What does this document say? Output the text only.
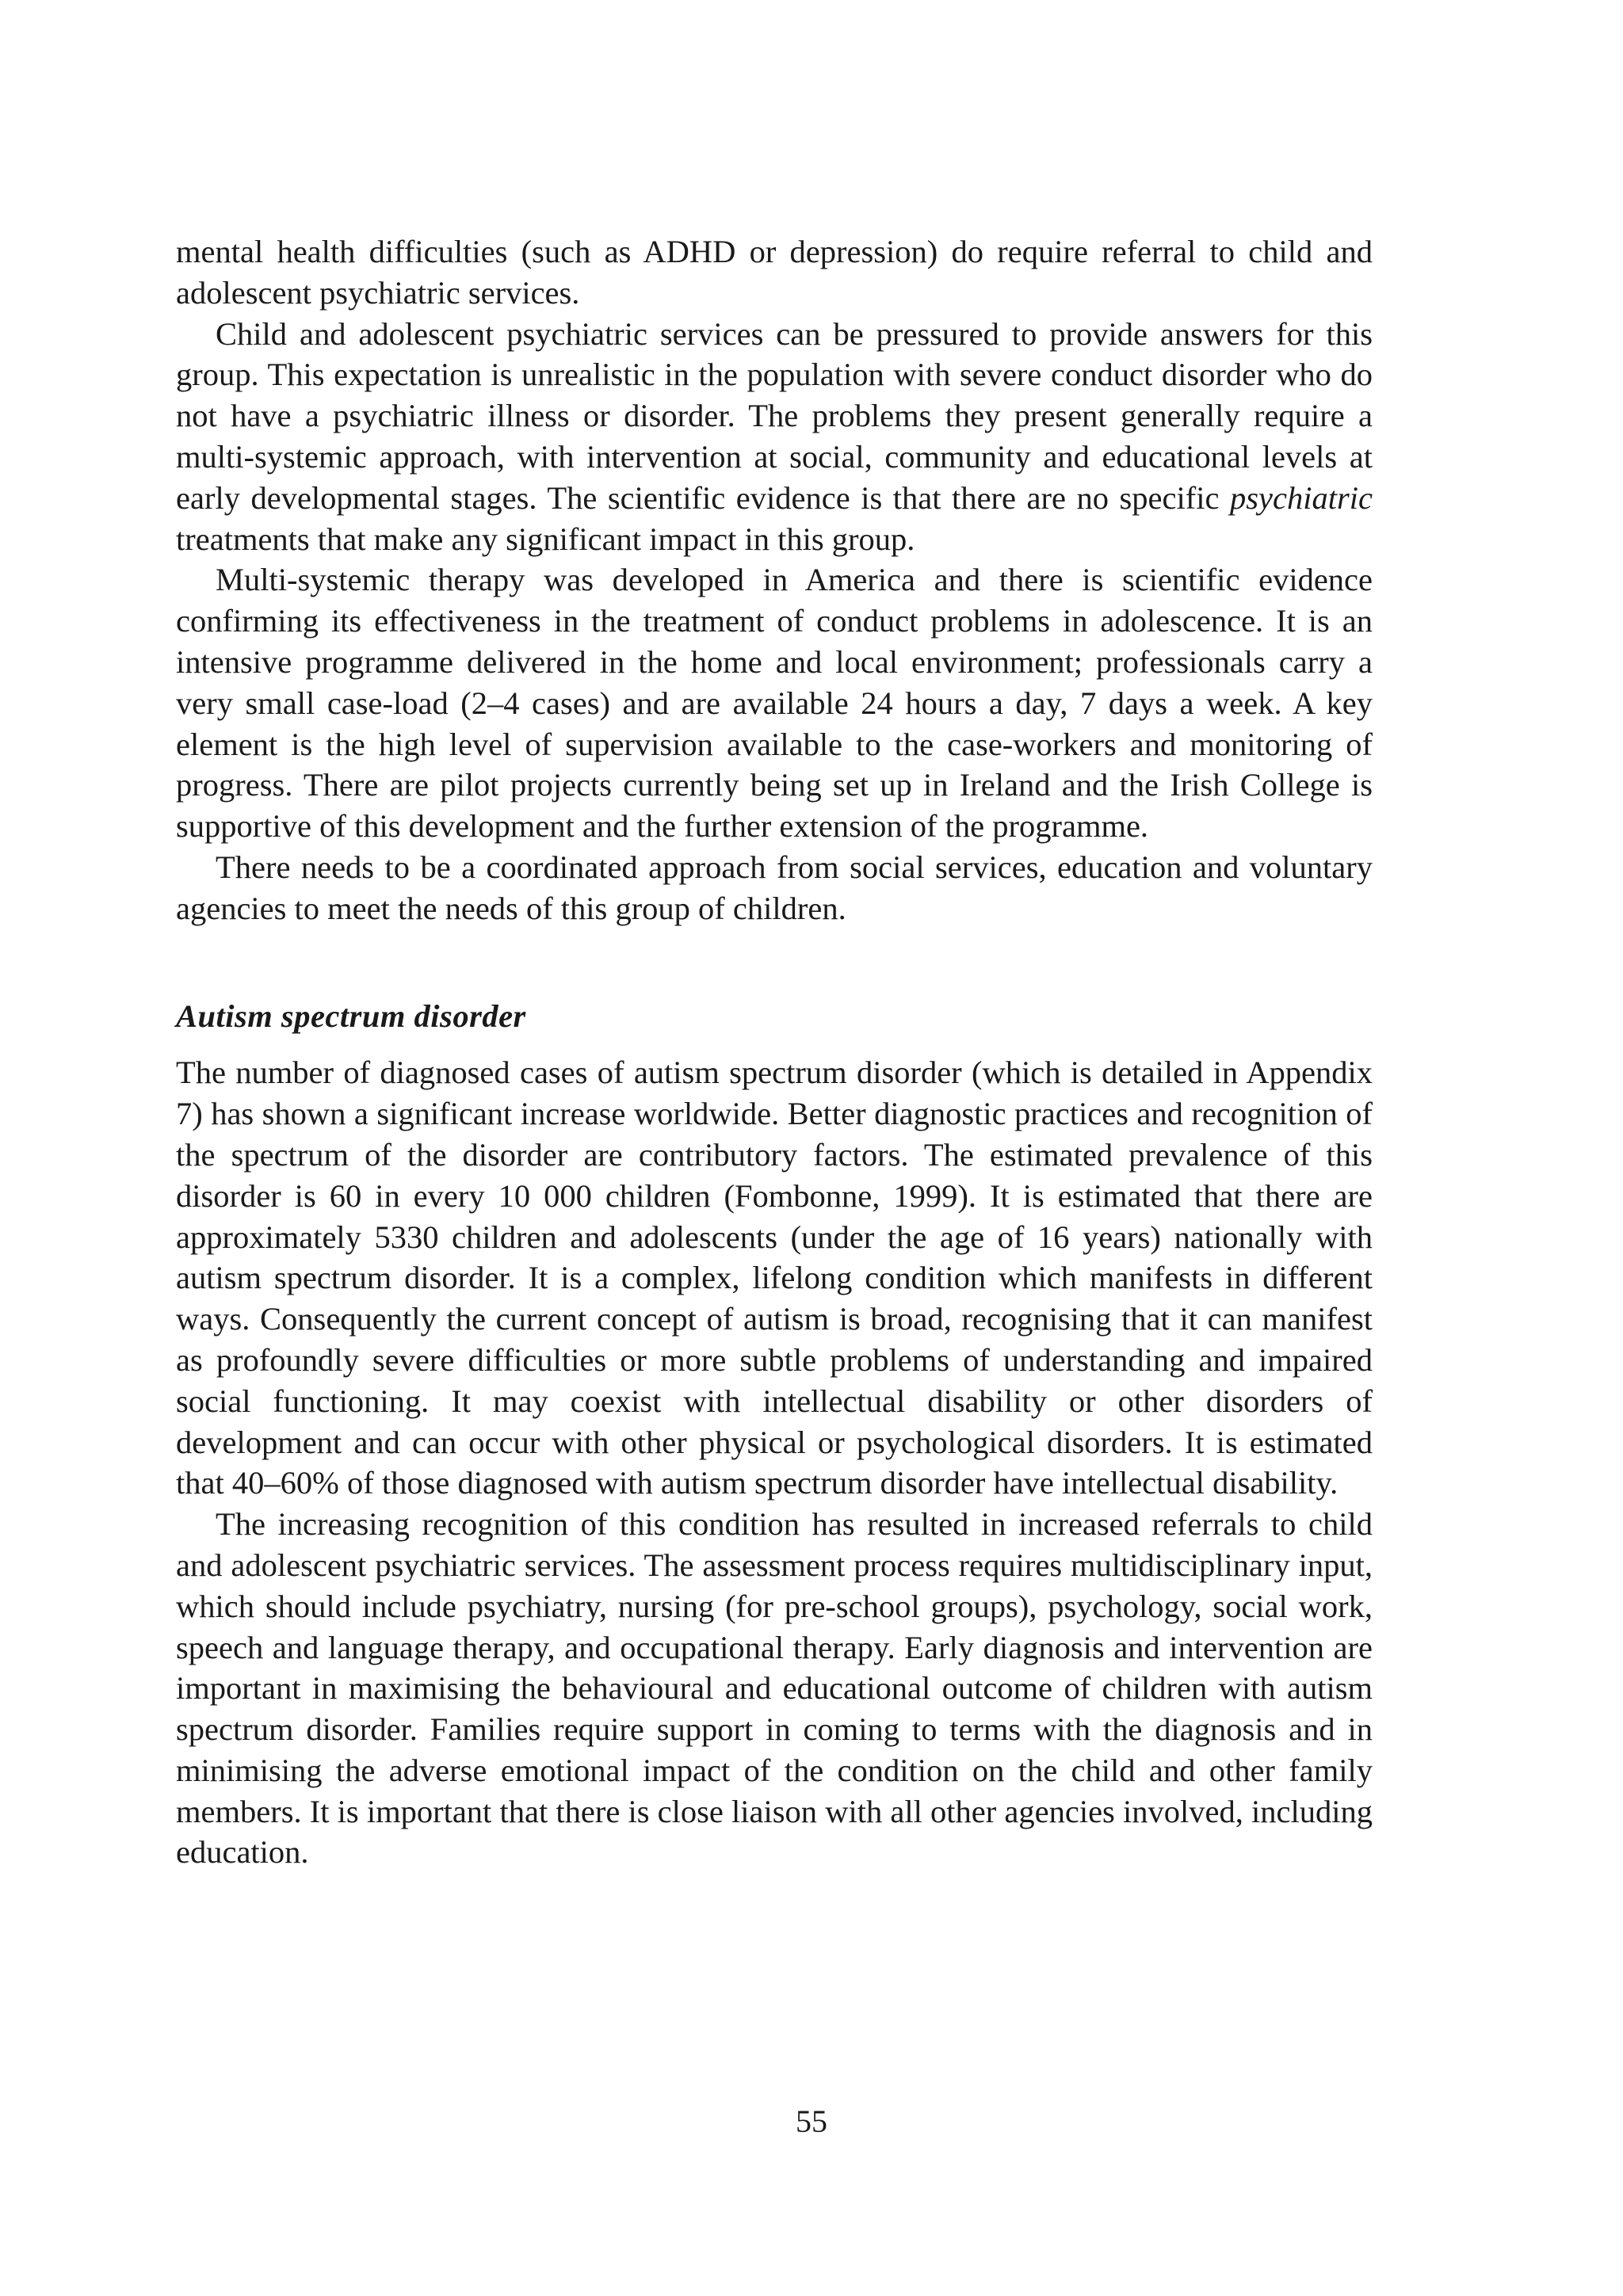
mental health difficulties (such as ADHD or depression) do require referral to child and adolescent psychiatric services.

Child and adolescent psychiatric services can be pressured to provide answers for this group. This expectation is unrealistic in the population with severe conduct disorder who do not have a psychiatric illness or disorder. The problems they present generally require a multi-systemic approach, with intervention at social, community and educational levels at early developmental stages. The scientific evidence is that there are no specific psychiatric treatments that make any significant impact in this group.

Multi-systemic therapy was developed in America and there is scientific evidence confirming its effectiveness in the treatment of conduct problems in adolescence. It is an intensive programme delivered in the home and local environment; professionals carry a very small case-load (2–4 cases) and are available 24 hours a day, 7 days a week. A key element is the high level of supervision available to the case-workers and monitoring of progress. There are pilot projects currently being set up in Ireland and the Irish College is supportive of this development and the further extension of the programme.

There needs to be a coordinated approach from social services, education and voluntary agencies to meet the needs of this group of children.

Autism spectrum disorder

The number of diagnosed cases of autism spectrum disorder (which is detailed in Appendix 7) has shown a significant increase worldwide. Better diagnostic practices and recognition of the spectrum of the disorder are contributory factors. The estimated prevalence of this disorder is 60 in every 10 000 children (Fombonne, 1999). It is estimated that there are approximately 5330 children and adolescents (under the age of 16 years) nationally with autism spectrum disorder. It is a complex, lifelong condition which manifests in different ways. Consequently the current concept of autism is broad, recognising that it can manifest as profoundly severe difficulties or more subtle problems of understanding and impaired social functioning. It may coexist with intellectual disability or other disorders of development and can occur with other physical or psychological disorders. It is estimated that 40–60% of those diagnosed with autism spectrum disorder have intellectual disability.

The increasing recognition of this condition has resulted in increased referrals to child and adolescent psychiatric services. The assessment process requires multidisciplinary input, which should include psychiatry, nursing (for pre-school groups), psychology, social work, speech and language therapy, and occupational therapy. Early diagnosis and intervention are important in maximising the behavioural and educational outcome of children with autism spectrum disorder. Families require support in coming to terms with the diagnosis and in minimising the adverse emotional impact of the condition on the child and other family members. It is important that there is close liaison with all other agencies involved, including education.

55
